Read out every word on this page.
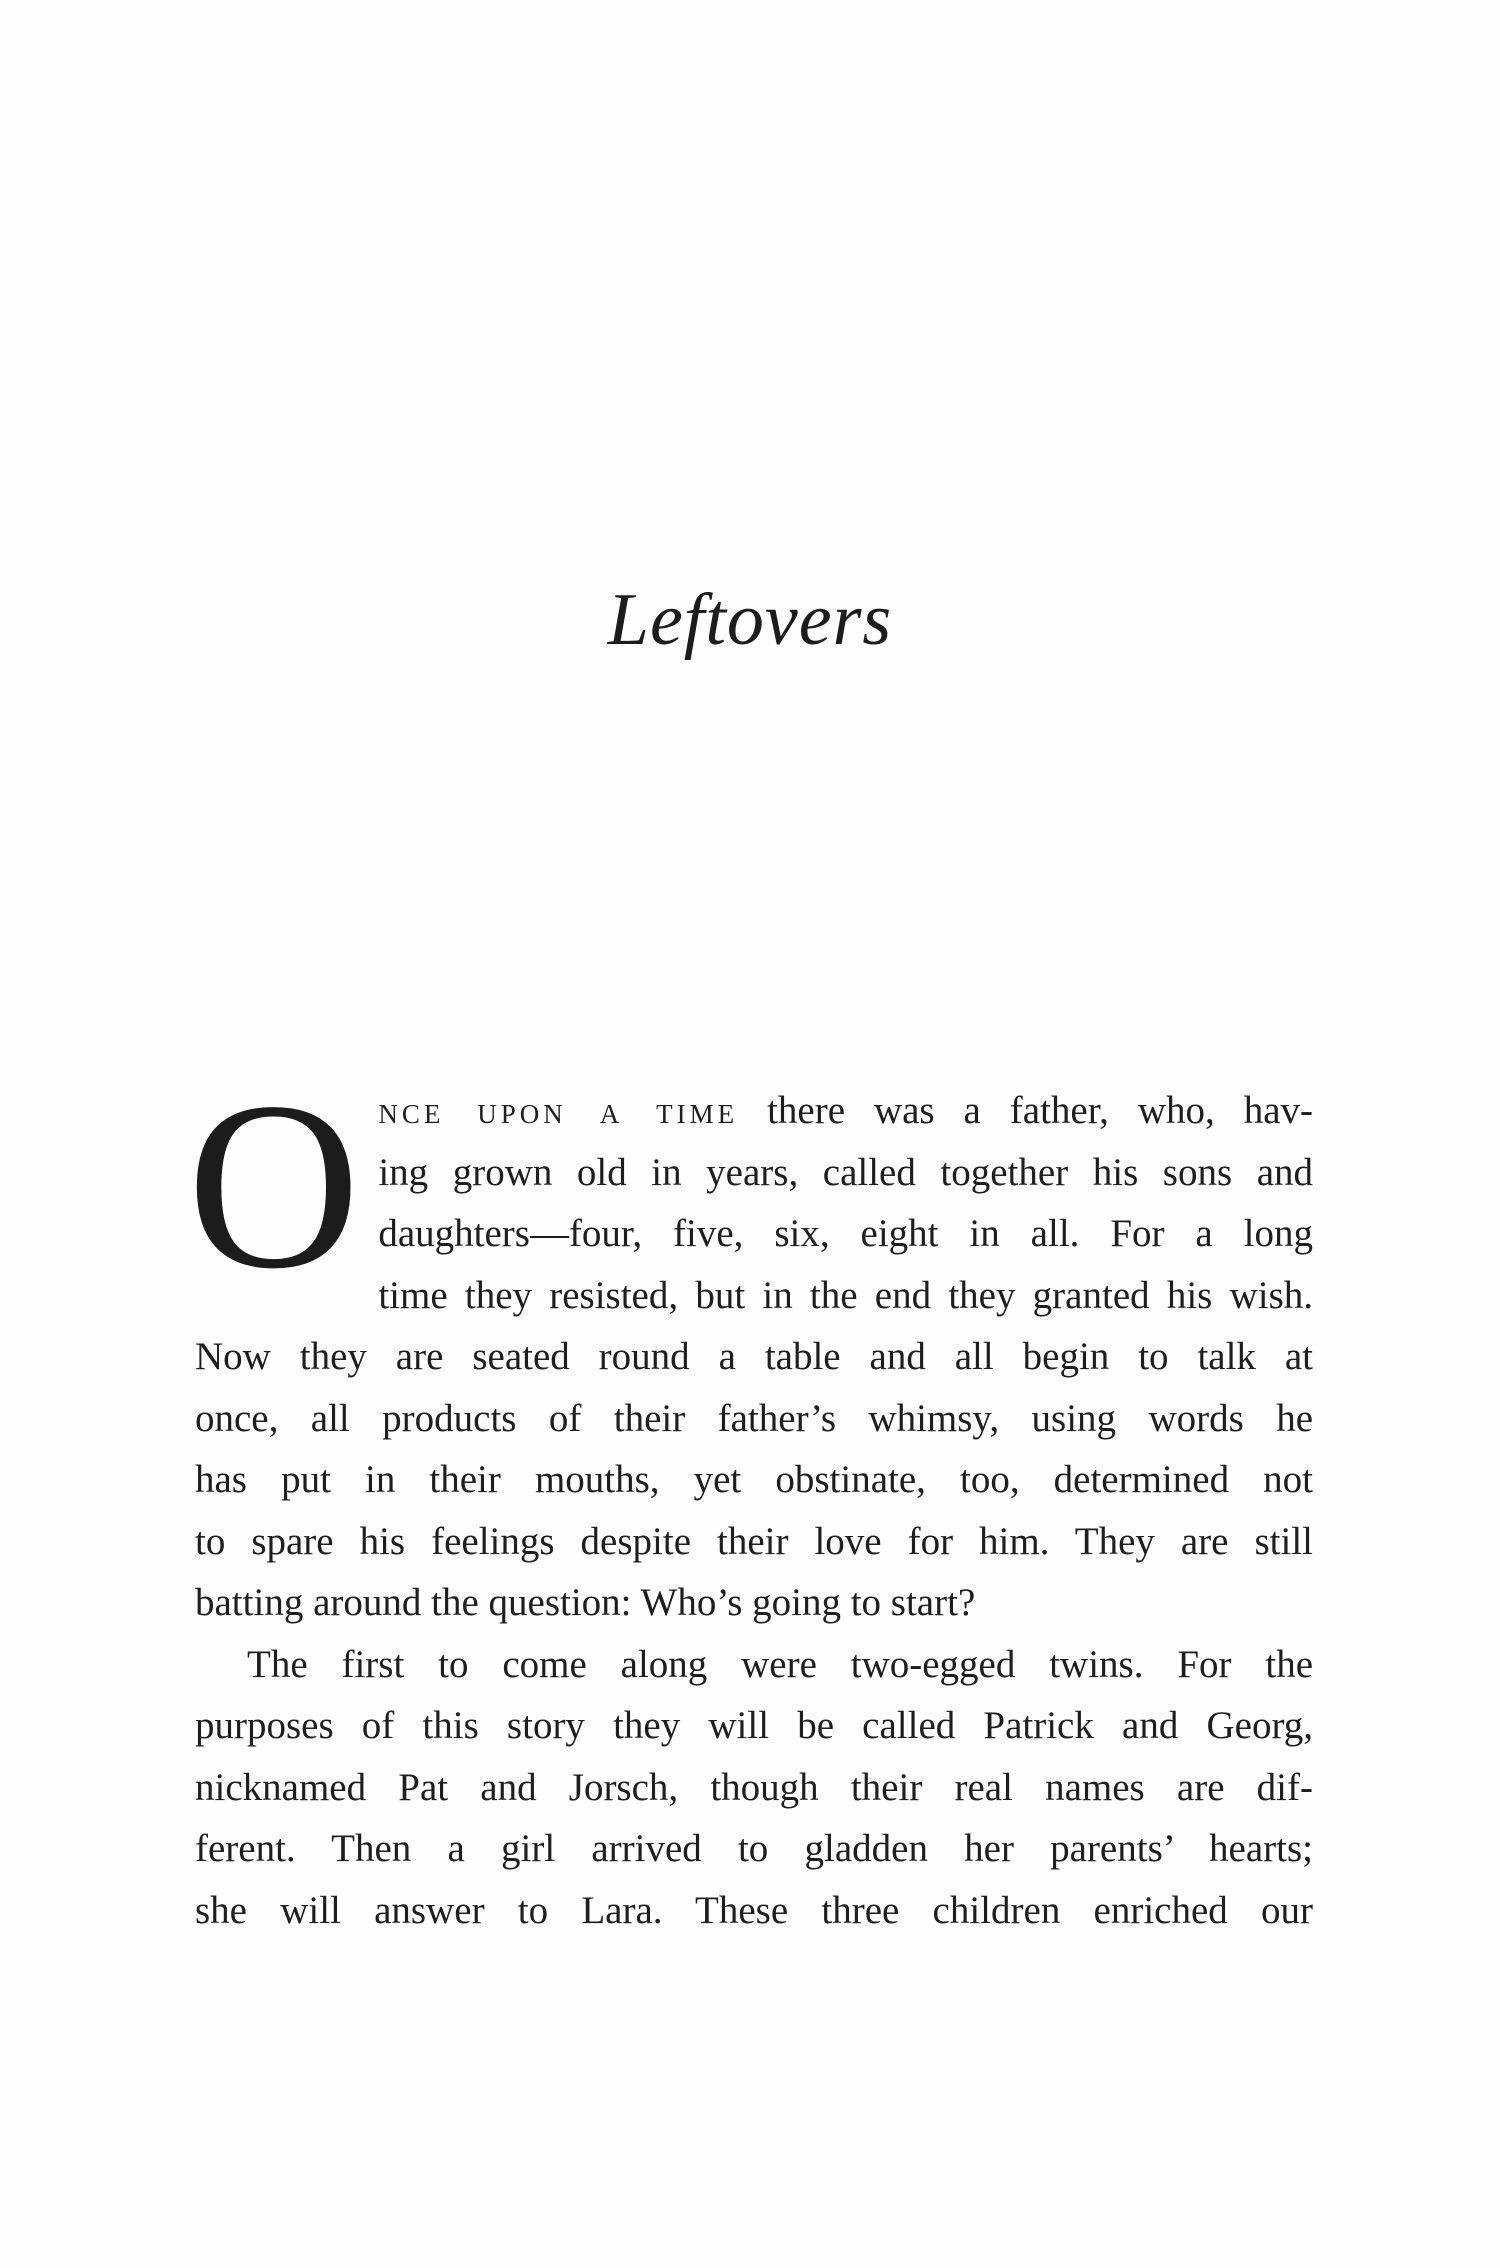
Leftovers
O nce upon a time there was a father, who, hav-
ing grown old in years, called together his sons and
daughters—four, five, six, eight in all. For a long
time they resisted, but in the end they granted his wish.
Now they are seated round a table and all begin to talk at
once, all products of their father’s whimsy, using words he
has put in their mouths, yet obstinate, too, determined not
to spare his feelings despite their love for him. They are still
batting around the question: Who’s going to start?

The first to come along were two-egged twins. For the
purposes of this story they will be called Patrick and Georg,
nicknamed Pat and Jorsch, though their real names are dif-
ferent. Then a girl arrived to gladden her parents’ hearts;
she will answer to Lara. These three children enriched our
